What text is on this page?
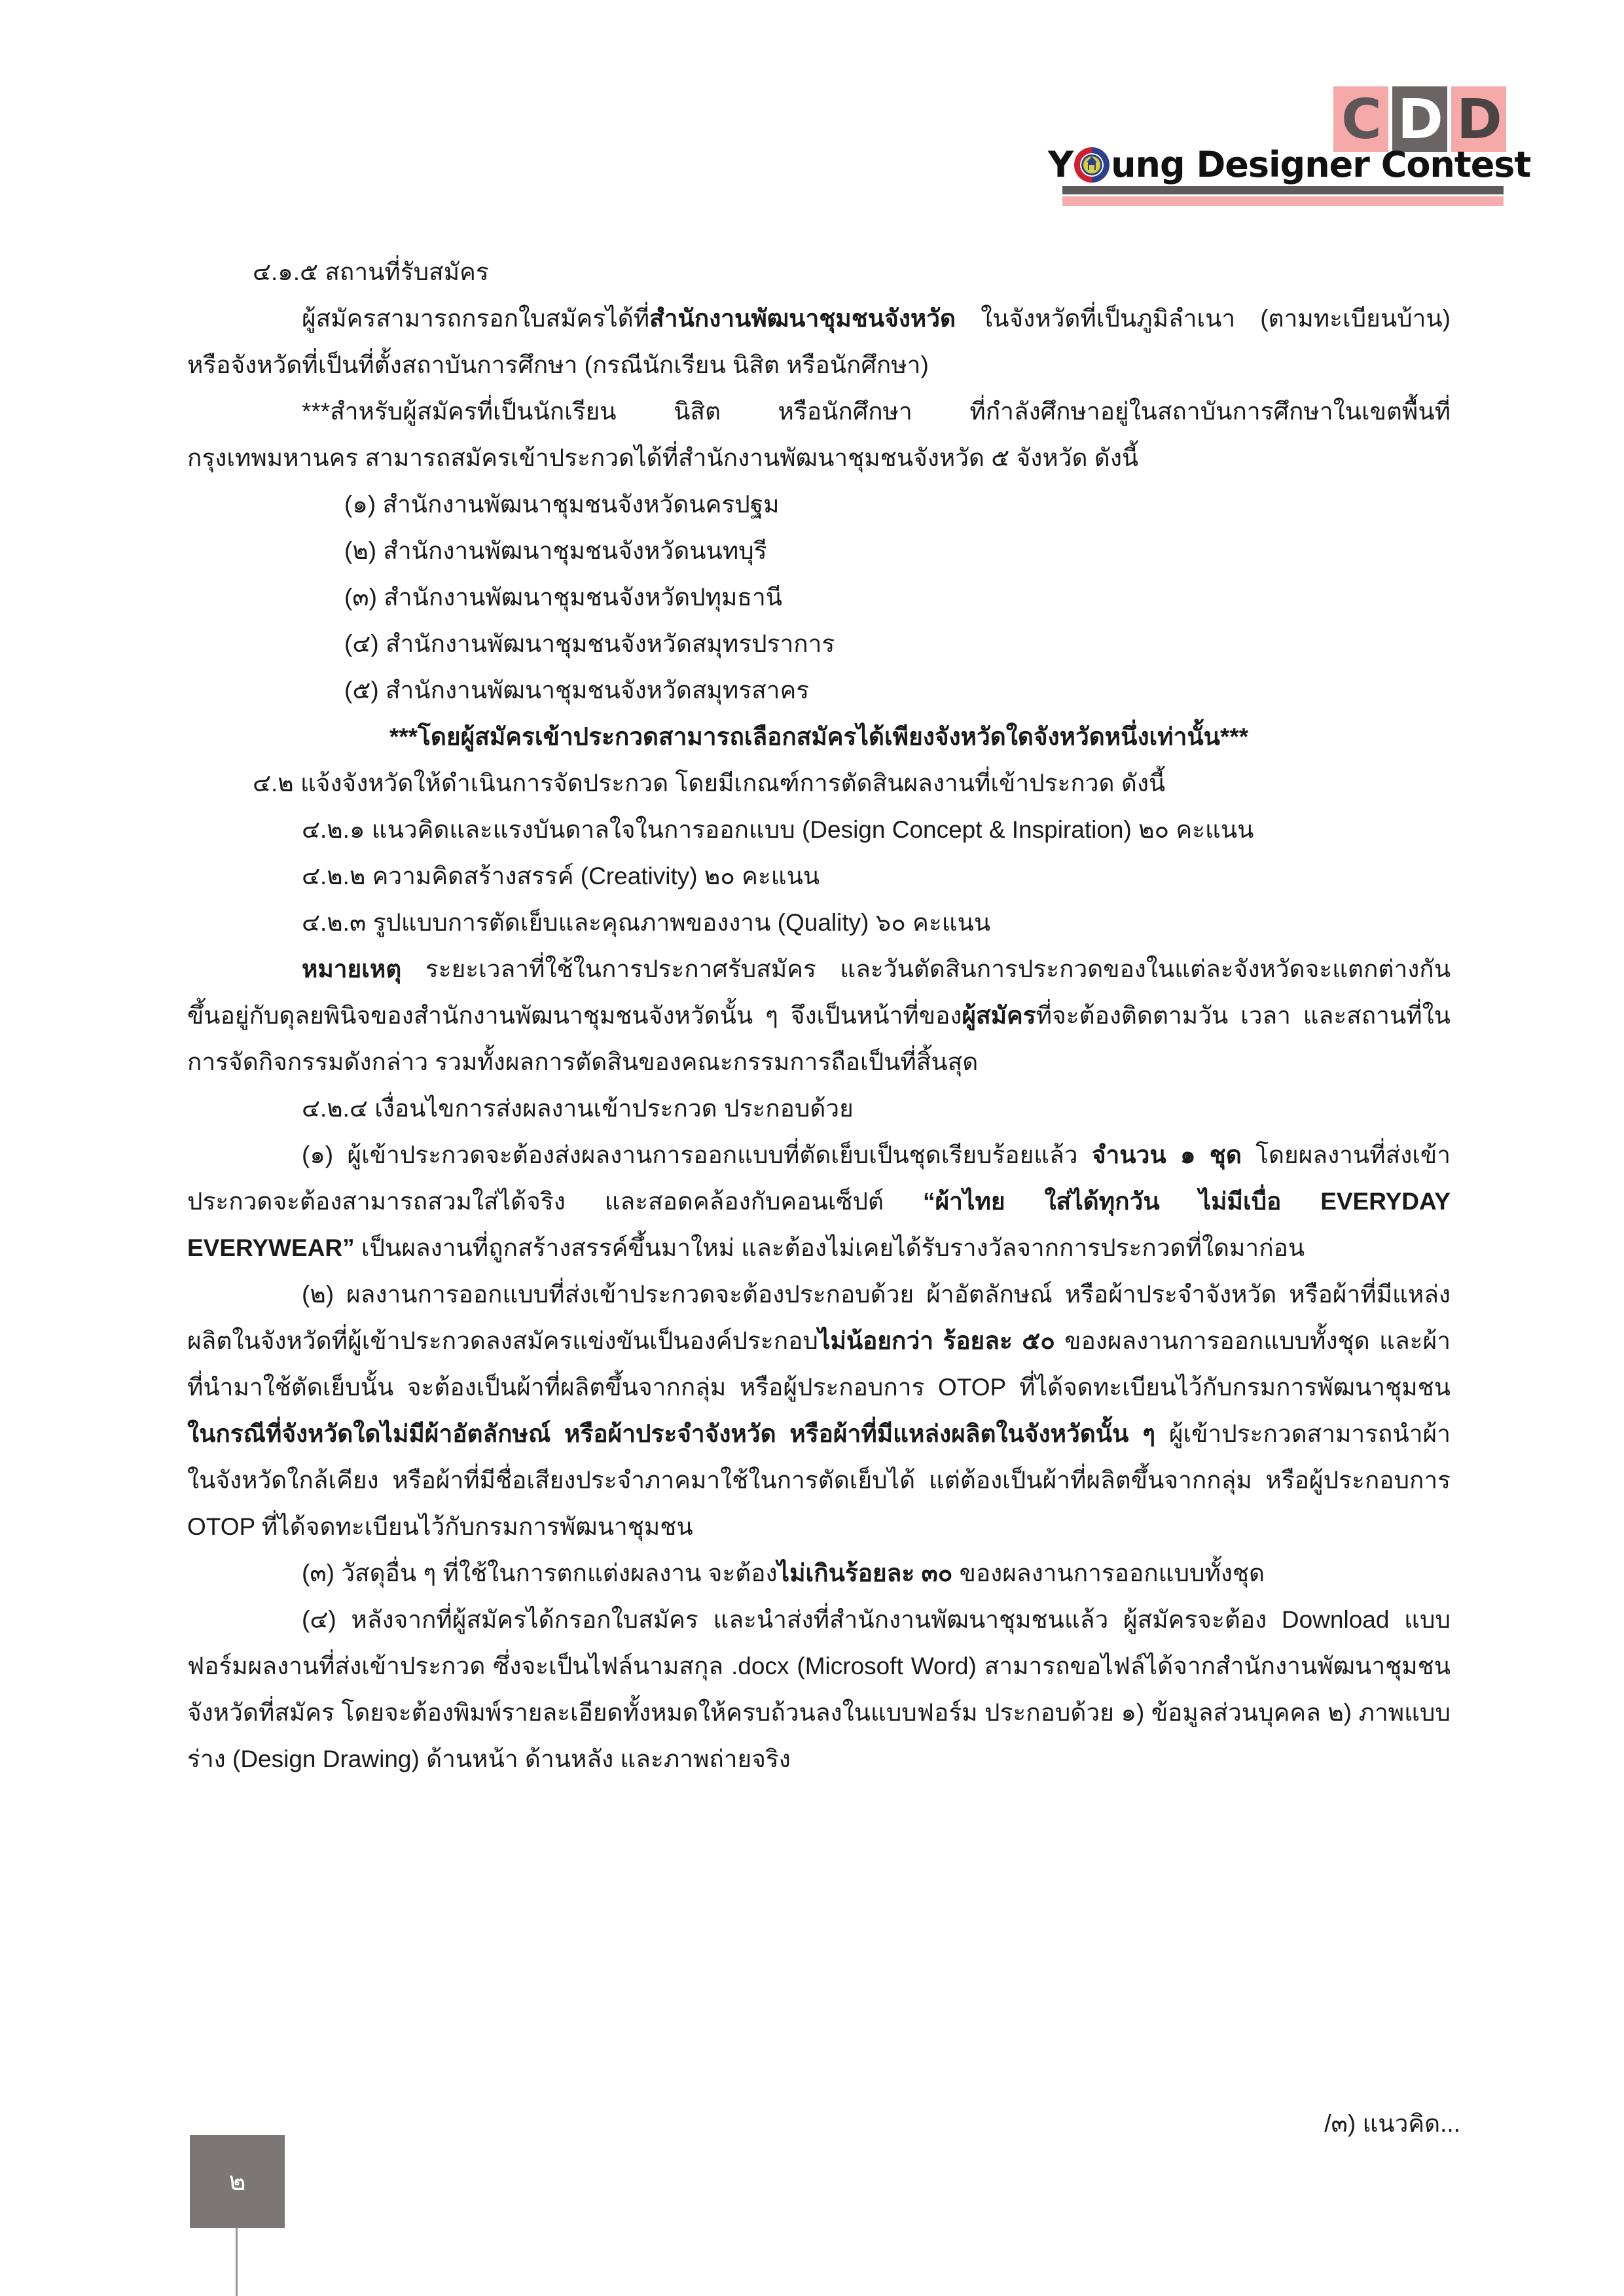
C D D
Y ung Designer Contest

๔.๑.๕ สถานที่รับสมัคร

ผู้สมัครสามารถกรอกใบสมัครได้ที่สำนักงานพัฒนาชุมชนจังหวัด ในจังหวัดที่เป็นภูมิลำเนา (ตามทะเบียนบ้าน) หรือจังหวัดที่เป็นที่ตั้งสถาบันการศึกษา (กรณีนักเรียน นิสิต หรือนักศึกษา)

***สำหรับผู้สมัครที่เป็นนักเรียน นิสิต หรือนักศึกษา ที่กำลังศึกษาอยู่ในสถาบันการศึกษาในเขตพื้นที่กรุงเทพมหานคร สามารถสมัครเข้าประกวดได้ที่สำนักงานพัฒนาชุมชนจังหวัด ๕ จังหวัด ดังนี้

(๑) สำนักงานพัฒนาชุมชนจังหวัดนครปฐม

(๒) สำนักงานพัฒนาชุมชนจังหวัดนนทบุรี

(๓) สำนักงานพัฒนาชุมชนจังหวัดปทุมธานี

(๔) สำนักงานพัฒนาชุมชนจังหวัดสมุทรปราการ

(๕) สำนักงานพัฒนาชุมชนจังหวัดสมุทรสาคร

***โดยผู้สมัครเข้าประกวดสามารถเลือกสมัครได้เพียงจังหวัดใดจังหวัดหนึ่งเท่านั้น***

๔.๒ แจ้งจังหวัดให้ดำเนินการจัดประกวด โดยมีเกณฑ์การตัดสินผลงานที่เข้าประกวด ดังนี้

๔.๒.๑ แนวคิดและแรงบันดาลใจในการออกแบบ (Design Concept & Inspiration) ๒๐ คะแนน

๔.๒.๒ ความคิดสร้างสรรค์ (Creativity) ๒๐ คะแนน

๔.๒.๓ รูปแบบการตัดเย็บและคุณภาพของงาน (Quality) ๖๐ คะแนน

หมายเหตุ ระยะเวลาที่ใช้ในการประกาศรับสมัคร และวันตัดสินการประกวดของในแต่ละจังหวัดจะแตกต่างกัน ขึ้นอยู่กับดุลยพินิจของสำนักงานพัฒนาชุมชนจังหวัดนั้น ๆ จึงเป็นหน้าที่ของผู้สมัครที่จะต้องติดตามวัน เวลา และสถานที่ในการจัดกิจกรรมดังกล่าว รวมทั้งผลการตัดสินของคณะกรรมการถือเป็นที่สิ้นสุด

๔.๒.๔ เงื่อนไขการส่งผลงานเข้าประกวด ประกอบด้วย

(๑) ผู้เข้าประกวดจะต้องส่งผลงานการออกแบบที่ตัดเย็บเป็นชุดเรียบร้อยแล้ว จำนวน ๑ ชุด โดยผลงานที่ส่งเข้าประกวดจะต้องสามารถสวมใส่ได้จริง และสอดคล้องกับคอนเซ็ปต์ “ผ้าไทย ใส่ได้ทุกวัน ไม่มีเบื่อ EVERYDAY EVERYWEAR” เป็นผลงานที่ถูกสร้างสรรค์ขึ้นมาใหม่ และต้องไม่เคยได้รับรางวัลจากการประกวดที่ใดมาก่อน

(๒) ผลงานการออกแบบที่ส่งเข้าประกวดจะต้องประกอบด้วย ผ้าอัตลักษณ์ หรือผ้าประจำจังหวัด หรือผ้าที่มีแหล่งผลิตในจังหวัดที่ผู้เข้าประกวดลงสมัครแข่งขันเป็นองค์ประกอบไม่น้อยกว่า ร้อยละ ๕๐ ของผลงานการออกแบบทั้งชุด และผ้าที่นำมาใช้ตัดเย็บนั้น จะต้องเป็นผ้าที่ผลิตขึ้นจากกลุ่ม หรือผู้ประกอบการ OTOP ที่ได้จดทะเบียนไว้กับกรมการพัฒนาชุมชน ในกรณีที่จังหวัดใดไม่มีผ้าอัตลักษณ์ หรือผ้าประจำจังหวัด หรือผ้าที่มีแหล่งผลิตในจังหวัดนั้น ๆ ผู้เข้าประกวดสามารถนำผ้าในจังหวัดใกล้เคียง หรือผ้าที่มีชื่อเสียงประจำภาคมาใช้ในการตัดเย็บได้ แต่ต้องเป็นผ้าที่ผลิตขึ้นจากกลุ่ม หรือผู้ประกอบการ OTOP ที่ได้จดทะเบียนไว้กับกรมการพัฒนาชุมชน

(๓) วัสดุอื่น ๆ ที่ใช้ในการตกแต่งผลงาน จะต้องไม่เกินร้อยละ ๓๐ ของผลงานการออกแบบทั้งชุด

(๔) หลังจากที่ผู้สมัครได้กรอกใบสมัคร และนำส่งที่สำนักงานพัฒนาชุมชนแล้ว ผู้สมัครจะต้อง Download แบบฟอร์มผลงานที่ส่งเข้าประกวด ซึ่งจะเป็นไฟล์นามสกุล .docx (Microsoft Word) สามารถขอไฟล์ได้จากสำนักงานพัฒนาชุมชนจังหวัดที่สมัคร โดยจะต้องพิมพ์รายละเอียดทั้งหมดให้ครบถ้วนลงในแบบฟอร์ม ประกอบด้วย ๑) ข้อมูลส่วนบุคคล ๒) ภาพแบบร่าง (Design Drawing) ด้านหน้า ด้านหลัง และภาพถ่ายจริง

/๓) แนวคิด...
๒
